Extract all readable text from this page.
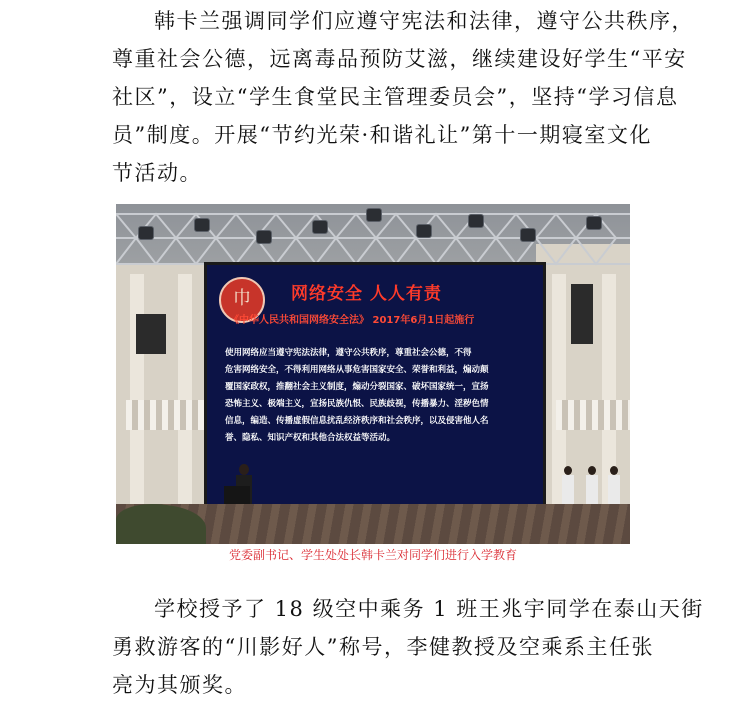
韩卡兰强调同学们应遵守宪法和法律，遵守公共秩序，
尊重社会公德，远离毒品预防艾滋，继续建设好学生“平安
社区”，设立“学生食堂民主管理委员会”，坚持“学习信息
员”制度。开展“节约光荣·和谐礼让”第十一期寝室文化
节活动。
巾 网络安全 人人有责
《中华人民共和国网络安全法》 2017年6月1日起施行
使用网络应当遵守宪法法律，遵守公共秩序，尊重社会公德，不得
危害网络安全，不得利用网络从事危害国家安全、荣誉和利益，煽动颠
覆国家政权，推翻社会主义制度，煽动分裂国家、破坏国家统一，宣扬
恐怖主义、极端主义，宣扬民族仇恨、民族歧视，传播暴力、淫秽色情
信息，编造、传播虚假信息扰乱经济秩序和社会秩序，以及侵害他人名
誉、隐私、知识产权和其他合法权益等活动。
党委副书记、学生处处长韩卡兰对同学们进行入学教育
学校授予了 18 级空中乘务 1 班王兆宇同学在泰山天街
勇救游客的“川影好人”称号，李健教授及空乘系主任张
亮为其颁奖。
